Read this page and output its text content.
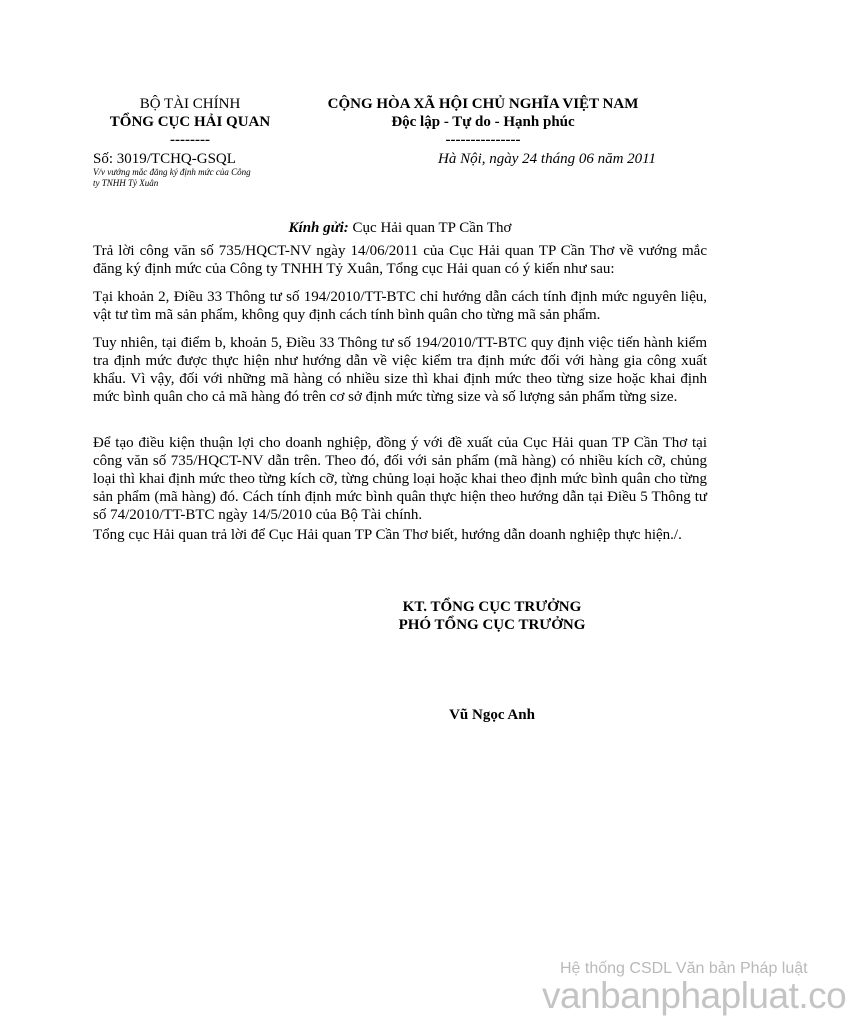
BỘ TÀI CHÍNH
TỔNG CỤC HẢI QUAN
--------
Số: 3019/TCHQ-GSQL
V/v vướng mắc đăng ký định mức của Công
ty TNHH Tỷ Xuân
CỘNG HÒA XÃ HỘI CHỦ NGHĨA VIỆT NAM
Độc lập - Tự do - Hạnh phúc
---------------
Hà Nội, ngày 24 tháng 06 năm 2011
Kính gửi: Cục Hải quan TP Cần Thơ
Trả lời công văn số 735/HQCT-NV ngày 14/06/2011 của Cục Hải quan TP Cần Thơ về vướng mắc đăng ký định mức của Công ty TNHH Tỷ Xuân, Tổng cục Hải quan có ý kiến như sau:
Tại khoản 2, Điều 33 Thông tư số 194/2010/TT-BTC chỉ hướng dẫn cách tính định mức nguyên liệu, vật tư tìm mã sản phẩm, không quy định cách tính bình quân cho từng mã sản phẩm.
Tuy nhiên, tại điểm b, khoản 5, Điều 33 Thông tư số 194/2010/TT-BTC quy định việc tiến hành kiểm tra định mức được thực hiện như hướng dẫn về việc kiểm tra định mức đối với hàng gia công xuất khẩu. Vì vậy, đối với những mã hàng có nhiều size thì khai định mức theo từng size hoặc khai định mức bình quân cho cả mã hàng đó trên cơ sở định mức từng size và số lượng sản phẩm từng size.
Để tạo điều kiện thuận lợi cho doanh nghiệp, đồng ý với đề xuất của Cục Hải quan TP Cần Thơ tại công văn số 735/HQCT-NV dẫn trên. Theo đó, đối với sản phẩm (mã hàng) có nhiều kích cỡ, chủng loại thì khai định mức theo từng kích cỡ, từng chủng loại hoặc khai theo định mức bình quân cho từng sản phẩm (mã hàng) đó. Cách tính định mức bình quân thực hiện theo hướng dẫn tại Điều 5 Thông tư số 74/2010/TT-BTC ngày 14/5/2010 của Bộ Tài chính.
Tổng cục Hải quan trả lời để Cục Hải quan TP Cần Thơ biết, hướng dẫn doanh nghiệp thực hiện./.
KT. TỔNG CỤC TRƯỞNG
PHÓ TỔNG CỤC TRƯỞNG
Vũ Ngọc Anh
Hệ thống CSDL Văn bản Pháp luật
vanbanphapluat.co
